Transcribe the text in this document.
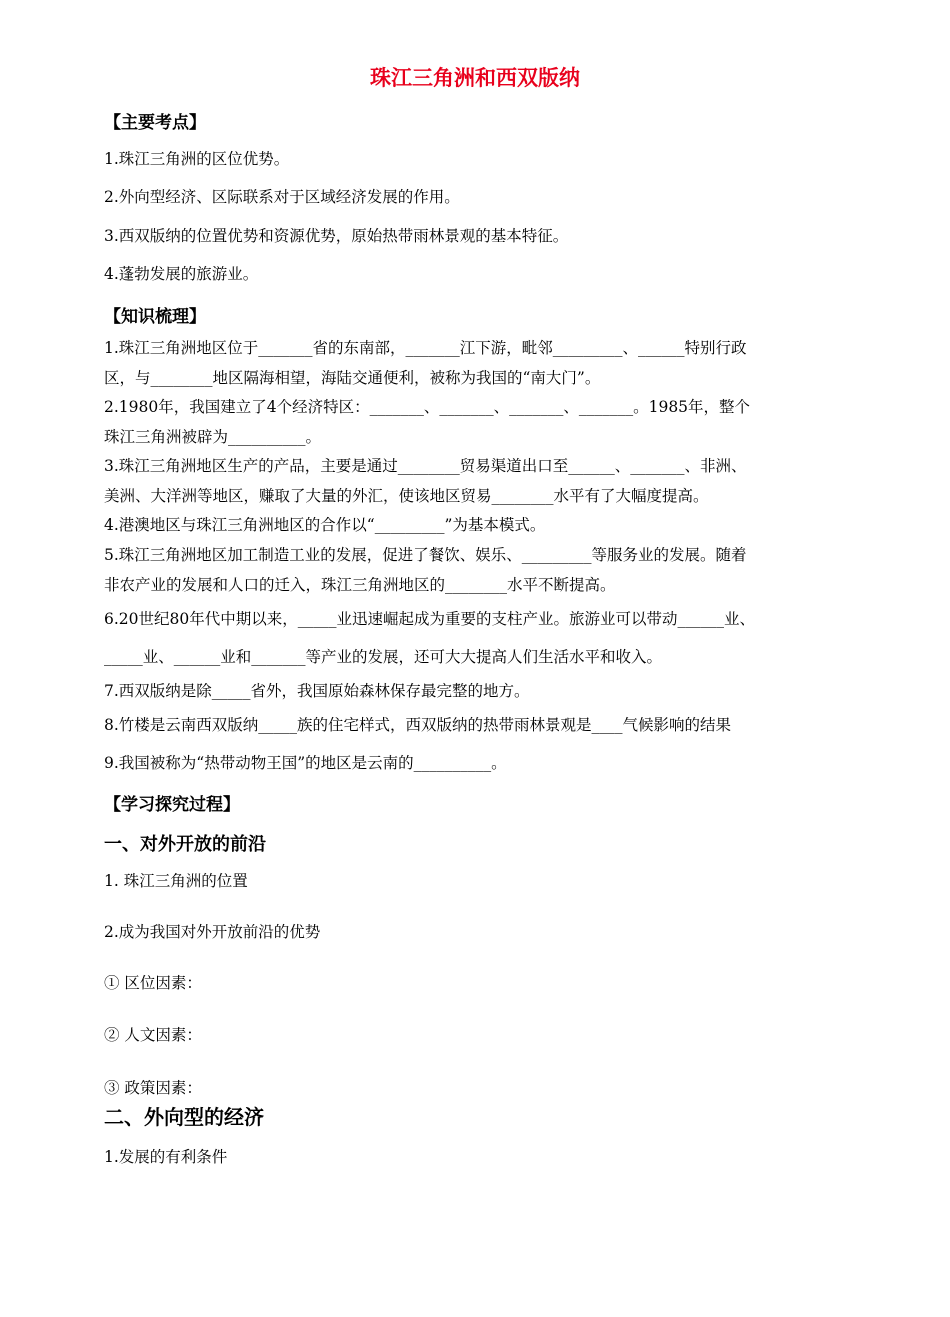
珠江三角洲和西双版纳
【主要考点】

1.珠江三角洲的区位优势。

2.外向型经济、区际联系对于区域经济发展的作用。

3.西双版纳的位置优势和资源优势，原始热带雨林景观的基本特征。

4.蓬勃发展的旅游业。

【知识梳理】

1.珠江三角洲地区位于_______省的东南部，_______江下游，毗邻_________、______特别行政

区，与________地区隔海相望，海陆交通便利，被称为我国的“南大门”。

2.1980年，我国建立了4个经济特区：_______、_______、_______、_______。1985年，整个

珠江三角洲被辟为__________。

3.珠江三角洲地区生产的产品，主要是通过________贸易渠道出口至______、_______、非洲、

美洲、大洋洲等地区，赚取了大量的外汇，使该地区贸易________水平有了大幅度提高。

4.港澳地区与珠江三角洲地区的合作以“_________”为基本模式。

5.珠江三角洲地区加工制造工业的发展，促进了餐饮、娱乐、_________等服务业的发展。随着

非农产业的发展和人口的迁入，珠江三角洲地区的________水平不断提高。

6.20世纪80年代中期以来，_____业迅速崛起成为重要的支柱产业。旅游业可以带动______业、

_____业、______业和_______等产业的发展，还可大大提高人们生活水平和收入。

7.西双版纳是除_____省外，我国原始森林保存最完整的地方。

8.竹楼是云南西双版纳_____族的住宅样式，西双版纳的热带雨林景观是____气候影响的结果

9.我国被称为“热带动物王国”的地区是云南的__________。

【学习探究过程】
一、对外开放的前沿

1. 珠江三角洲的位置

2.成为我国对外开放前沿的优势

① 区位因素：

② 人文因素：

③ 政策因素：

二、外向型的经济

1.发展的有利条件
